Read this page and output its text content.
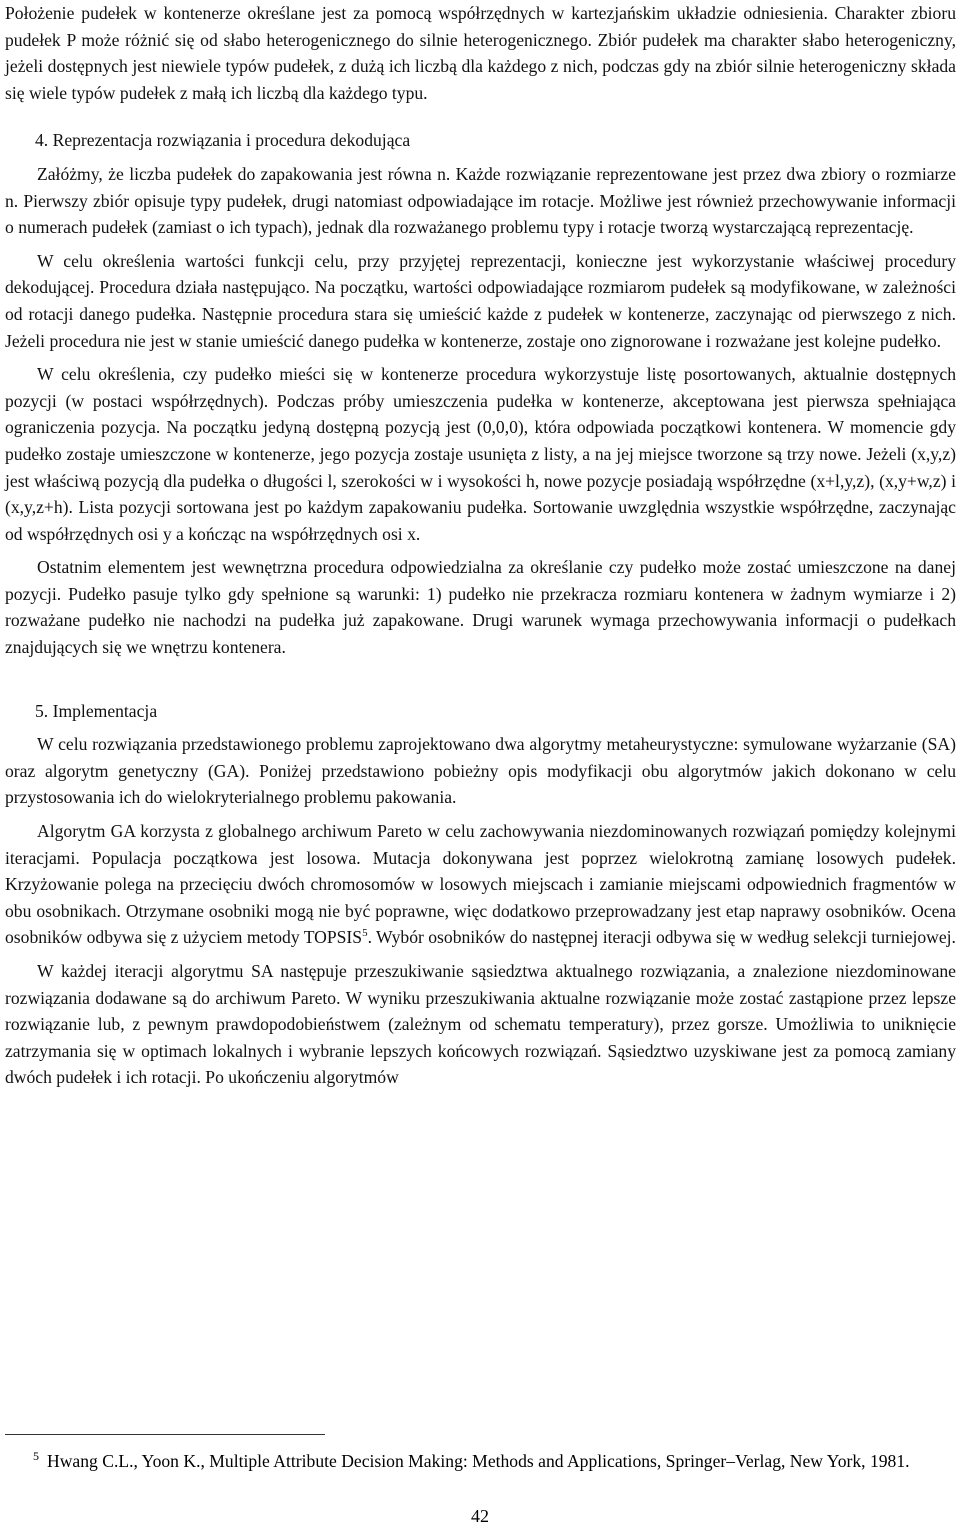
Położenie pudełek w kontenerze określane jest za pomocą współrzędnych w kartezjańskim układzie odniesienia. Charakter zbioru pudełek P może różnić się od słabo heterogenicznego do silnie heterogenicznego. Zbiór pudełek ma charakter słabo heterogeniczny, jeżeli dostępnych jest niewiele typów pudełek, z dużą ich liczbą dla każdego z nich, podczas gdy na zbiór silnie heterogeniczny składa się wiele typów pudełek z małą ich liczbą dla każdego typu.

4. Reprezentacja rozwiązania i procedura dekodująca

Załóżmy, że liczba pudełek do zapakowania jest równa n. Każde rozwiązanie reprezentowane jest przez dwa zbiory o rozmiarze n. Pierwszy zbiór opisuje typy pudełek, drugi natomiast odpowiadające im rotacje. Możliwe jest również przechowywanie informacji o numerach pudełek (zamiast o ich typach), jednak dla rozważanego problemu typy i rotacje tworzą wystarczającą reprezentację.

W celu określenia wartości funkcji celu, przy przyjętej reprezentacji, konieczne jest wykorzystanie właściwej procedury dekodującej. Procedura działa następująco. Na początku, wartości odpowiadające rozmiarom pudełek są modyfikowane, w zależności od rotacji danego pudełka. Następnie procedura stara się umieścić każde z pudełek w kontenerze, zaczynając od pierwszego z nich. Jeżeli procedura nie jest w stanie umieścić danego pudełka w kontenerze, zostaje ono zignorowane i rozważane jest kolejne pudełko.

W celu określenia, czy pudełko mieści się w kontenerze procedura wykorzystuje listę posortowanych, aktualnie dostępnych pozycji (w postaci współrzędnych). Podczas próby umieszczenia pudełka w kontenerze, akceptowana jest pierwsza spełniająca ograniczenia pozycja. Na początku jedyną dostępną pozycją jest (0,0,0), która odpowiada początkowi kontenera. W momencie gdy pudełko zostaje umieszczone w kontenerze, jego pozycja zostaje usunięta z listy, a na jej miejsce tworzone są trzy nowe. Jeżeli (x,y,z) jest właściwą pozycją dla pudełka o długości l, szerokości w i wysokości h, nowe pozycje posiadają współrzędne (x+l,y,z), (x,y+w,z) i (x,y,z+h). Lista pozycji sortowana jest po każdym zapakowaniu pudełka. Sortowanie uwzględnia wszystkie współrzędne, zaczynając od współrzędnych osi y a kończąc na współrzędnych osi x.

Ostatnim elementem jest wewnętrzna procedura odpowiedzialna za określanie czy pudełko może zostać umieszczone na danej pozycji. Pudełko pasuje tylko gdy spełnione są warunki: 1) pudełko nie przekracza rozmiaru kontenera w żadnym wymiarze i 2) rozważane pudełko nie nachodzi na pudełka już zapakowane. Drugi warunek wymaga przechowywania informacji o pudełkach znajdujących się we wnętrzu kontenera.

5. Implementacja

W celu rozwiązania przedstawionego problemu zaprojektowano dwa algorytmy metaheurystyczne: symulowane wyżarzanie (SA) oraz algorytm genetyczny (GA). Poniżej przedstawiono pobieżny opis modyfikacji obu algorytmów jakich dokonano w celu przystosowania ich do wielokryterialnego problemu pakowania.

Algorytm GA korzysta z globalnego archiwum Pareto w celu zachowywania niezdominowanych rozwiązań pomiędzy kolejnymi iteracjami. Populacja początkowa jest losowa. Mutacja dokonywana jest poprzez wielokrotną zamianę losowych pudełek. Krzyżowanie polega na przecięciu dwóch chromosomów w losowych miejscach i zamianie miejscami odpowiednich fragmentów w obu osobnikach. Otrzymane osobniki mogą nie być poprawne, więc dodatkowo przeprowadzany jest etap naprawy osobników. Ocena osobników odbywa się z użyciem metody TOPSIS$^5$. Wybór osobników do następnej iteracji odbywa się w według selekcji turniejowej.

W każdej iteracji algorytmu SA następuje przeszukiwanie sąsiedztwa aktualnego rozwiązania, a znalezione niezdominowane rozwiązania dodawane są do archiwum Pareto. W wyniku przeszukiwania aktualne rozwiązanie może zostać zastąpione przez lepsze rozwiązanie lub, z pewnym prawdopodobieństwem (zależnym od schematu temperatury), przez gorsze. Umożliwia to uniknięcie zatrzymania się w optimach lokalnych i wybranie lepszych końcowych rozwiązań. Sąsiedztwo uzyskiwane jest za pomocą zamiany dwóch pudełek i ich rotacji. Po ukończeniu algorytmów

$^5$ Hwang C.L., Yoon K., Multiple Attribute Decision Making: Methods and Applications, Springer–Verlag, New York, 1981.
42
